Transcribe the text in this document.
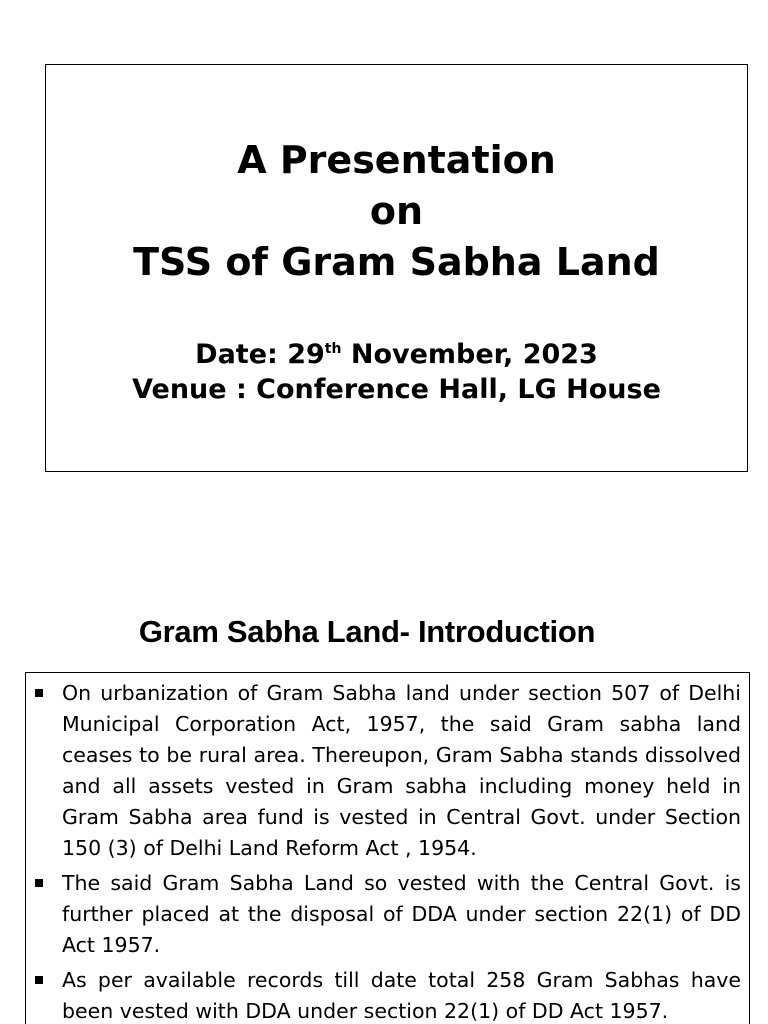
A Presentation
on
TSS of Gram Sabha Land
Date: 29th November, 2023
Venue : Conference Hall, LG House
Gram Sabha Land- Introduction
On urbanization of Gram Sabha land under section 507 of Delhi Municipal Corporation Act, 1957, the said Gram sabha land ceases to be rural area. Thereupon, Gram Sabha stands dissolved and all assets vested in Gram sabha including money held in Gram Sabha area fund is vested in Central Govt. under Section 150 (3) of Delhi Land Reform Act , 1954.
The said Gram Sabha Land so vested with the Central Govt. is further placed at the disposal of DDA under section 22(1) of DD Act 1957.
As per available records till date total 258 Gram Sabhas have been vested with DDA under section 22(1) of DD Act 1957.
